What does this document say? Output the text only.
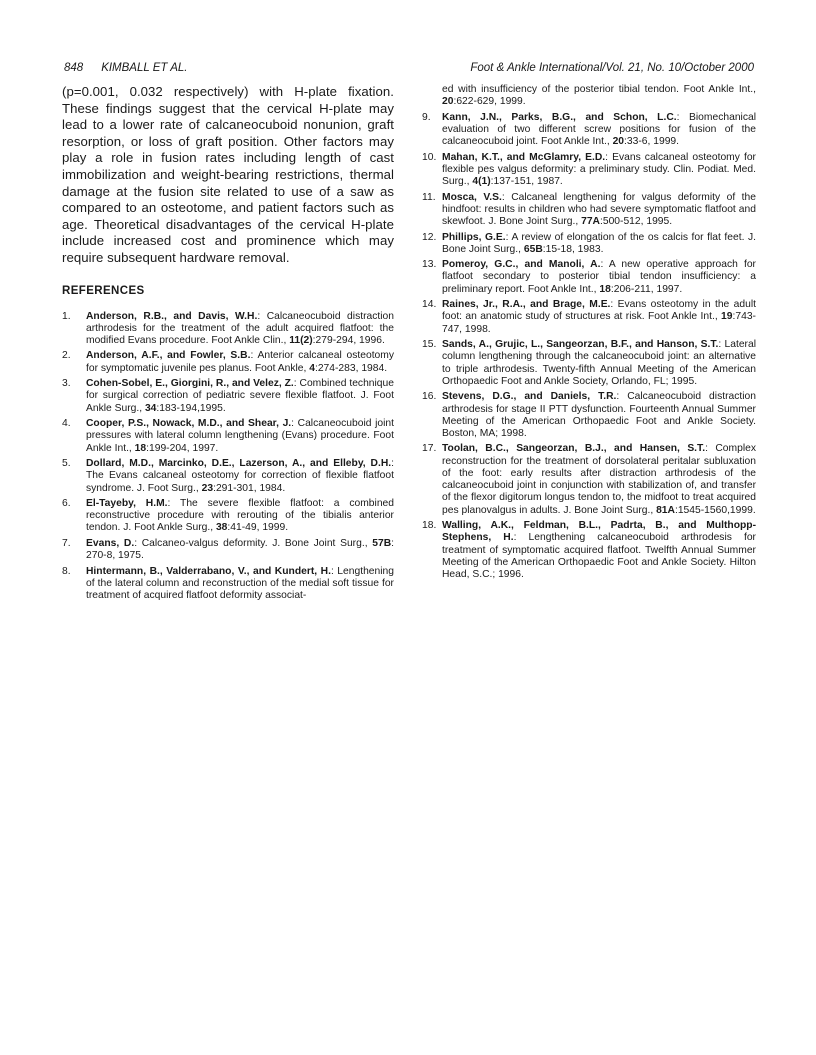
848 KIMBALL ET AL.	Foot & Ankle International/Vol. 21, No. 10/October 2000

(p=0.001, 0.032 respectively) with H-plate fixation. These findings suggest that the cervical H-plate may lead to a lower rate of calcaneocuboid nonunion, graft resorption, or loss of graft position. Other factors may play a role in fusion rates including length of cast immobilization and weight-bearing restrictions, thermal damage at the fusion site related to use of a saw as compared to an osteotome, and patient factors such as age. Theoretical disadvantages of the cervical H-plate include increased cost and prominence which may require subsequent hardware removal.

REFERENCES
1.	Anderson, R.B., and Davis, W.H.: Calcaneocuboid distraction arthrodesis for the treatment of the adult acquired flatfoot: the modified Evans procedure. Foot Ankle Clin., 11(2):279-294, 1996.
2.	Anderson, A.F., and Fowler, S.B.: Anterior calcaneal osteotomy for symptomatic juvenile pes planus. Foot Ankle, 4:274-283, 1984.
3.	Cohen-Sobel, E., Giorgini, R., and Velez, Z.: Combined technique for surgical correction of pediatric severe flexible flatfoot. J. Foot Ankle Surg., 34:183-194,1995.
4.	Cooper, P.S., Nowack, M.D., and Shear, J.: Calcaneocuboid joint pressures with lateral column lengthening (Evans) procedure. Foot Ankle Int., 18:199-204, 1997.
5.	Dollard, M.D., Marcinko, D.E., Lazerson, A., and Elleby, D.H.: The Evans calcaneal osteotomy for correction of flexible flatfoot syndrome. J. Foot Surg., 23:291-301, 1984.
6.	El-Tayeby, H.M.: The severe flexible flatfoot: a combined reconstructive procedure with rerouting of the tibialis anterior tendon. J. Foot Ankle Surg., 38:41-49, 1999.
7.	Evans, D.: Calcaneo-valgus deformity. J. Bone Joint Surg., 57B: 270-8, 1975.
8.	Hintermann, B., Valderrabano, V., and Kundert, H.: Lengthening of the lateral column and reconstruction of the medial soft tissue for treatment of acquired flatfoot deformity associat-
ed with insufficiency of the posterior tibial tendon. Foot Ankle Int., 20:622-629, 1999.
9.	Kann, J.N., Parks, B.G., and Schon, L.C.: Biomechanical evaluation of two different screw positions for fusion of the calcaneocuboid joint. Foot Ankle Int., 20:33-6, 1999.
10. Mahan, K.T., and McGlamry, E.D.: Evans calcaneal osteotomy for flexible pes valgus deformity: a preliminary study. Clin. Podiat. Med. Surg., 4(1):137-151, 1987.
11. Mosca, V.S.: Calcaneal lengthening for valgus deformity of the hindfoot: results in children who had severe symptomatic flatfoot and skewfoot. J. Bone Joint Surg., 77A:500-512, 1995.
12. Phillips, G.E.: A review of elongation of the os calcis for flat feet. J. Bone Joint Surg., 65B:15-18, 1983.
13. Pomeroy, G.C., and Manoli, A.: A new operative approach for flatfoot secondary to posterior tibial tendon insufficiency: a preliminary report. Foot Ankle Int., 18:206-211, 1997.
14. Raines, Jr., R.A., and Brage, M.E.: Evans osteotomy in the adult foot: an anatomic study of structures at risk. Foot Ankle Int., 19:743-747, 1998.
15. Sands, A., Grujic, L., Sangeorzan, B.F., and Hanson, S.T.: Lateral column lengthening through the calcaneocuboid joint: an alternative to triple arthrodesis. Twenty-fifth Annual Meeting of the American Orthopaedic Foot and Ankle Society, Orlando, FL; 1995.
16. Stevens, D.G., and Daniels, T.R.: Calcaneocuboid distraction arthrodesis for stage II PTT dysfunction. Fourteenth Annual Summer Meeting of the American Orthopaedic Foot and Ankle Society. Boston, MA; 1998.
17. Toolan, B.C., Sangeorzan, B.J., and Hansen, S.T.: Complex reconstruction for the treatment of dorsolateral peritalar subluxation of the foot: early results after distraction arthrodesis of the calcaneocuboid joint in conjunction with stabilization of, and transfer of the flexor digitorum longus tendon to, the midfoot to treat acquired pes planovalgus in adults. J. Bone Joint Surg., 81A:1545-1560,1999.
18. Walling, A.K., Feldman, B.L., Padrta, B., and Multhopp-Stephens, H.: Lengthening calcaneocuboid arthrodesis for treatment of symptomatic acquired flatfoot. Twelfth Annual Summer Meeting of the American Orthopaedic Foot and Ankle Society. Hilton Head, S.C.; 1996.
